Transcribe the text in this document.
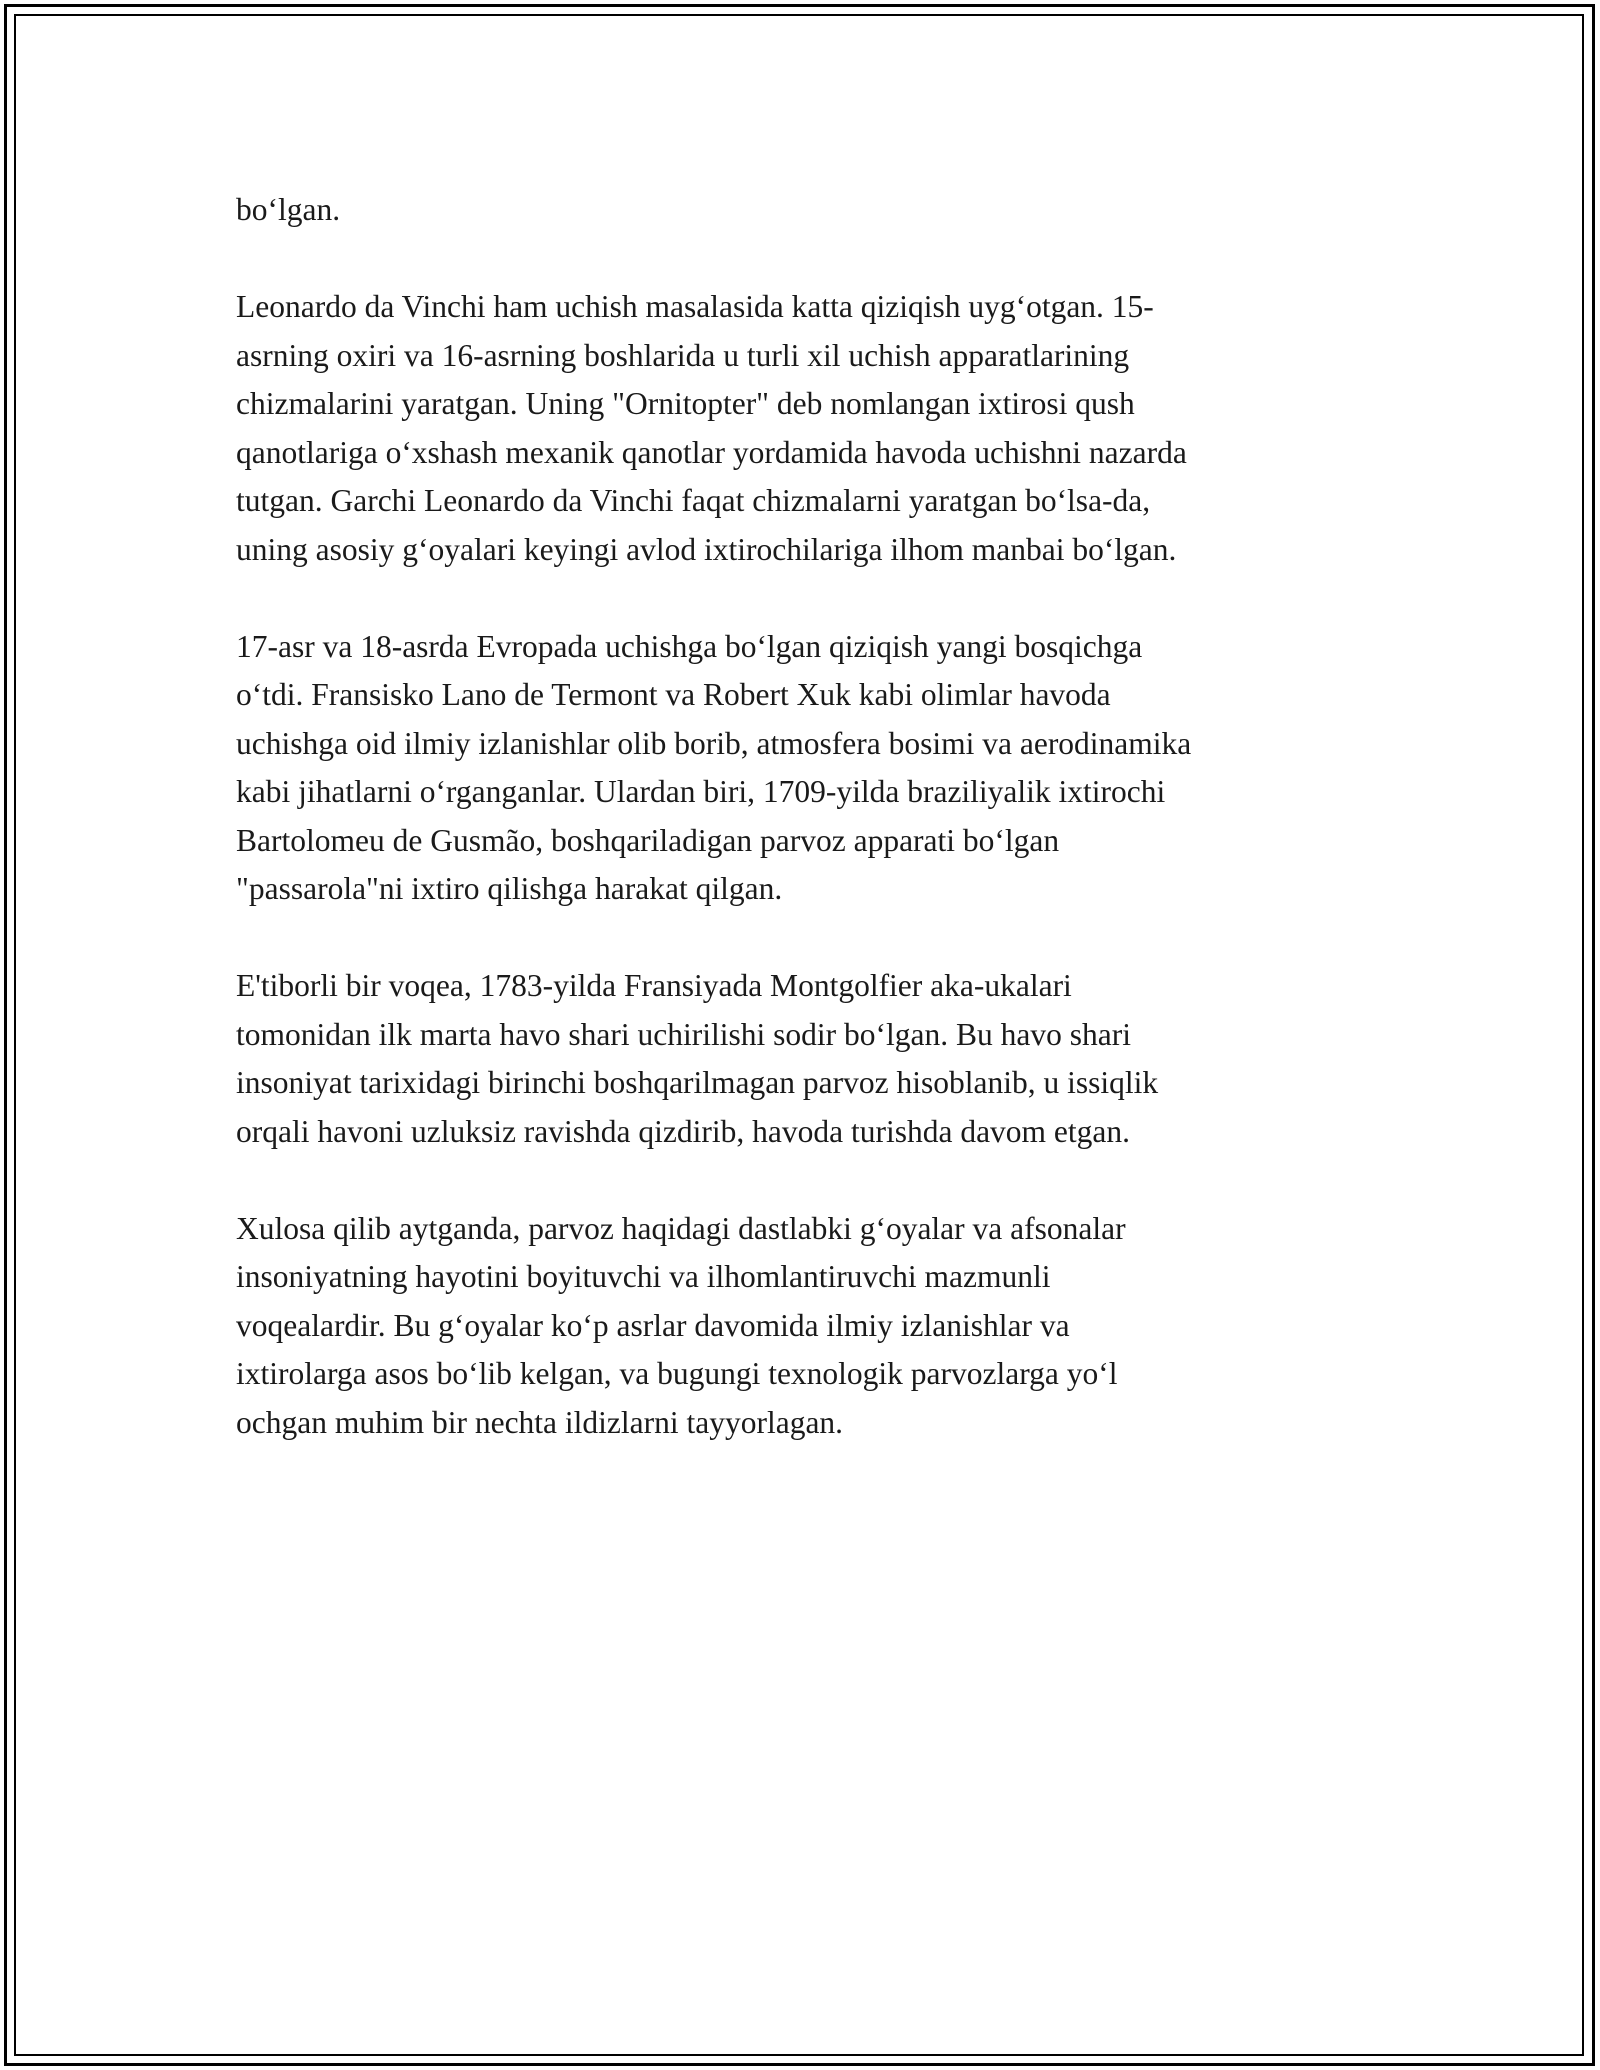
bo‘lgan.

Leonardo da Vinchi ham uchish masalasida katta qiziqish uyg‘otgan. 15-
asrning oxiri va 16-asrning boshlarida u turli xil uchish apparatlarining
chizmalarini yaratgan. Uning "Ornitopter" deb nomlangan ixtirosi qush
qanotlariga o‘xshash mexanik qanotlar yordamida havoda uchishni nazarda
tutgan. Garchi Leonardo da Vinchi faqat chizmalarni yaratgan bo‘lsa-da,
uning asosiy g‘oyalari keyingi avlod ixtirochilariga ilhom manbai bo‘lgan.

17-asr va 18-asrda Evropada uchishga bo‘lgan qiziqish yangi bosqichga
o‘tdi. Fransisko Lano de Termont va Robert Xuk kabi olimlar havoda
uchishga oid ilmiy izlanishlar olib borib, atmosfera bosimi va aerodinamika
kabi jihatlarni o‘rganganlar. Ulardan biri, 1709-yilda braziliyalik ixtirochi
Bartolomeu de Gusmão, boshqariladigan parvoz apparati bo‘lgan
"passarola"ni ixtiro qilishga harakat qilgan.

E'tiborli bir voqea, 1783-yilda Fransiyada Montgolfier aka-ukalari
tomonidan ilk marta havo shari uchirilishi sodir bo‘lgan. Bu havo shari
insoniyat tarixidagi birinchi boshqarilmagan parvoz hisoblanib, u issiqlik
orqali havoni uzluksiz ravishda qizdirib, havoda turishda davom etgan.

Xulosa qilib aytganda, parvoz haqidagi dastlabki g‘oyalar va afsonalar
insoniyatning hayotini boyituvchi va ilhomlantiruvchi mazmunli
voqealardir. Bu g‘oyalar ko‘p asrlar davomida ilmiy izlanishlar va
ixtirolarga asos bo‘lib kelgan, va bugungi texnologik parvozlarga yo‘l
ochgan muhim bir nechta ildizlarni tayyorlagan.
